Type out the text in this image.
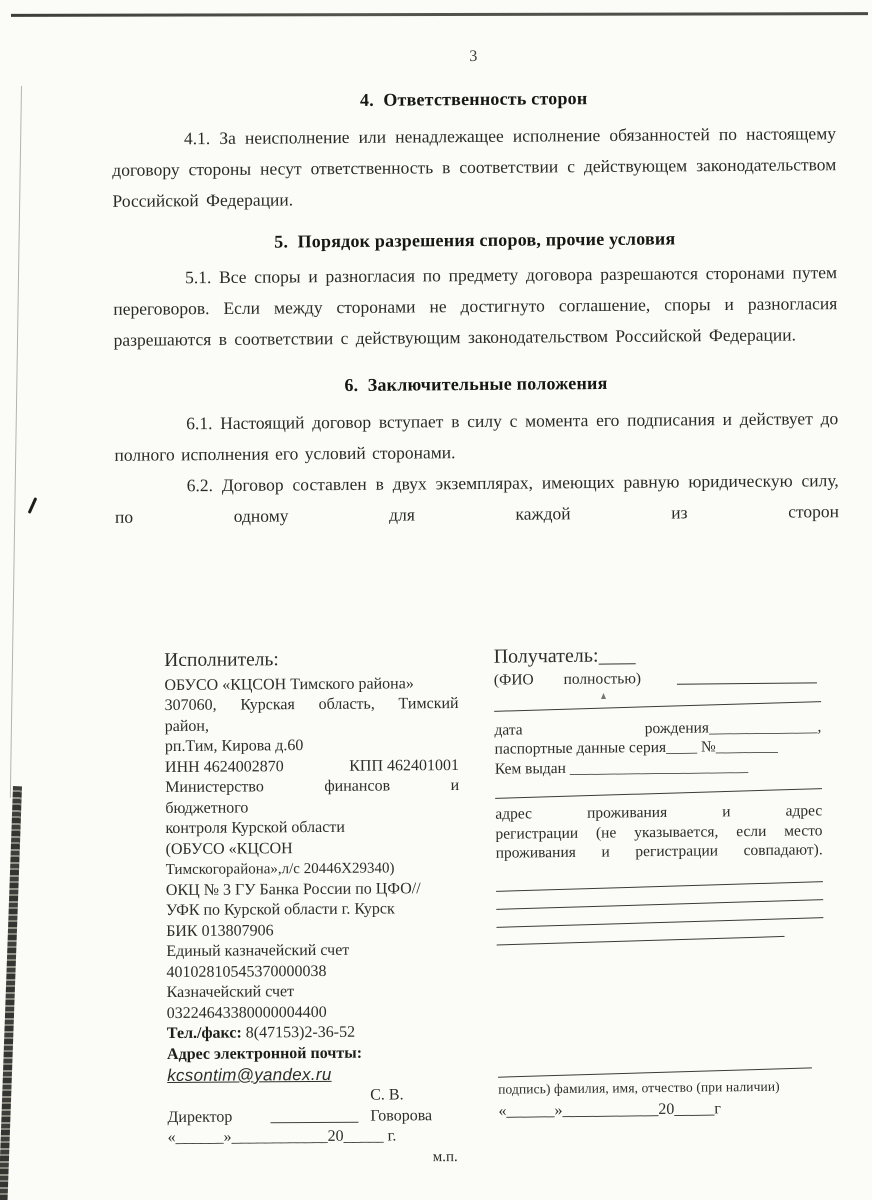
3
4.  Ответственность сторон
4.1. За неисполнение или ненадлежащее исполнение обязанностей по настоящему договору стороны несут ответственность в соответствии с действующем законодательством Российской Федерации.
5.  Порядок разрешения споров, прочие условия
5.1. Все споры и разногласия по предмету договора разрешаются сторонами путем переговоров. Если между сторонами не достигнуто соглашение, споры и разногласия разрешаются в соответствии с действующим законодательством Российской Федерации.
6.  Заключительные положения
6.1. Настоящий договор вступает в силу с момента его подписания и действует до полного исполнения его условий сторонами.
6.2. Договор составлен в двух экземплярах, имеющих равную юридическую силу, по одному для каждой из сторон
Исполнитель:
ОБУСО «КЦСОН Тимского района»
307060, Курская область, Тимский
район,
рп.Тим, Кирова д.60
ИНН 4624002870	КПП 462401001
Министерство финансов и
бюджетного
контроля Курской области
(ОБУСО «КЦСОН
Тимскогорайона»,л/с 20446X29340)
ОКЦ № 3 ГУ Банка России по ЦФО//
УФК по Курской области г. Курск
БИК 013807906
Единый казначейский счет
40102810545370000038
Казначейский счет
03224643380000004400
Тел./факс: 8(47153)2-36-52
Адрес электронной почты:
kcsontim@yandex.ru
Директор
С. В. Говорова
«______»____________20_____ г.
м.п.
Получатель:
(ФИО полностью)
дата рождения______________,
паспортные данные серия____ №________
Кем выдан _______________________
адрес проживания и адрес
регистрации (не указывается, если место
проживания и регистрации совпадают).
подпись) фамилия, имя, отчество (при наличии)
«______»____________20_____г
